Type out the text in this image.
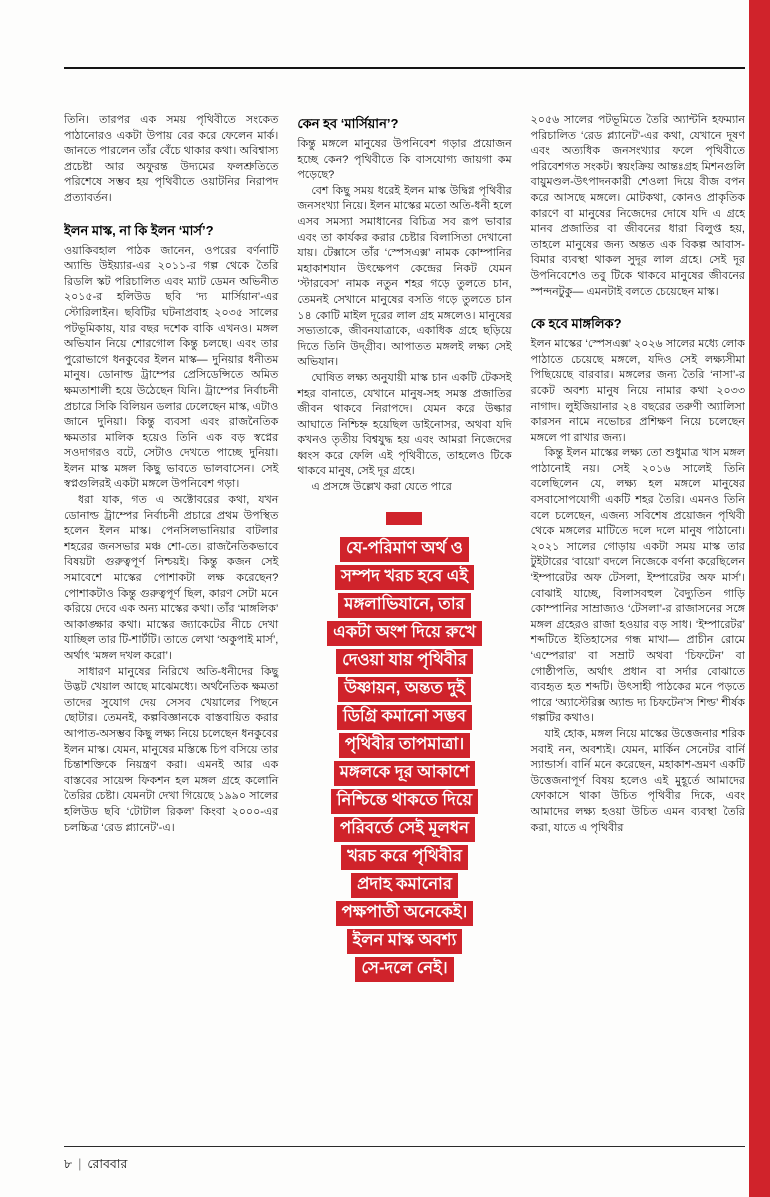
তিনি। তারপর এক সময় পৃথিবীতে সংকেত পাঠানোরও একটা উপায় বের করে ফেলেন মার্ক। জানতে পারলেন তাঁর বেঁচে থাকার কথা। অবিশ্বাস্য প্রচেষ্টা আর অফুরন্ত উদ্যমের ফলশ্রুতিতে পরিশেষে সম্ভব হয় পৃথিবীতে ওয়াটনির নিরাপদ প্রত্যাবর্তন।

ইলন মাস্ক, না কি ইলন ‘মার্স’?

ওয়াকিবহাল পাঠক জানেন, ওপরের বর্ণনাটি অ্যান্ডি উইয়্যার-এর ২০১১-র গল্প থেকে তৈরি রিডলি স্কট পরিচালিত এবং ম্যাট ডেমন অভিনীত ২০১৫-র হলিউড ছবি ‘দ্য মার্সিয়ান’-এর স্টোরিলাইন। ছবিটির ঘটনাপ্রবাহ ২০৩৫ সালের পটভূমিকায়, যার বছর দশেক বাকি এখনও। মঙ্গল অভিযান নিয়ে শোরগোল কিন্তু চলছে। এবং তার পুরোভাগে ধনকুবের ইলন মাস্ক— দুনিয়ার ধনীতম মানুষ। ডোনাল্ড ট্রাম্পের প্রেসিডেন্সিতে অমিত ক্ষমতাশালী হয়ে উঠেছেন যিনি। ট্রাম্পের নির্বাচনী প্রচারে সিকি বিলিয়ন ডলার ঢেলেছেন মাস্ক, এটাও জানে দুনিয়া। কিন্তু ব্যবসা এবং রাজনৈতিক ক্ষমতার মালিক হয়েও তিনি এক বড় স্বপ্নের সওদাগরও বটে, সেটাও দেখতে পাচ্ছে দুনিয়া। ইলন মাস্ক মঙ্গল কিছু ভাবতে ভালবাসেন। সেই স্বপ্নগুলিরই একটা মঙ্গলে উপনিবেশ গড়া।

ধরা যাক, গত এ অক্টোবরের কথা, যখন ডোনাল্ড ট্রাম্পের নির্বাচনী প্রচারে প্রথম উপস্থিত হলেন ইলন মাস্ক। পেনসিলভানিয়ার বাটলার শহরের জনসভার মঞ্চ শো-তে। রাজনৈতিকভাবে বিষয়টা গুরুত্বপূর্ণ নিশ্চয়ই। কিন্তু কজন সেই সমাবেশে মাস্কের পোশাকটা লক্ষ করেছেন? পোশাকটাও কিন্তু গুরুত্বপূর্ণ ছিল, কারণ সেটা মনে করিয়ে দেবে এক অন্য মাস্কের কথা। তাঁর ‘মাঙ্গলিক’ আকাঙ্ক্ষার কথা। মাস্কের জ্যাকেটের নীচে দেখা যাচ্ছিল তার টি-শার্টটি। তাতে লেখা ‘অকুপাই মার্স’, অর্থাৎ ‘মঙ্গল দখল করো’।

সাধারণ মানুষের নিরিখে অতি-ধনীদের কিছু উদ্ভট খেয়াল আছে মাঝেমধ্যে। অর্থনৈতিক ক্ষমতা তাদের সুযোগ দেয় সেসব খেয়ালের পিছনে ছোটার। তেমনই, কল্পবিজ্ঞানকে বাস্তবায়িত করার আপাত-অসম্ভব কিছু লক্ষ্য নিয়ে চলেছেন ধনকুবের ইলন মাস্ক। যেমন, মানুষের মস্তিষ্কে চিপ বসিয়ে তার চিন্তাশক্তিকে নিয়ন্ত্রণ করা। এমনই আর এক বাস্তবের সায়েন্স ফিকশন হল মঙ্গল গ্রহে কলোনি তৈরির চেষ্টা। যেমনটা দেখা গিয়েছে ১৯৯০ সালের হলিউড ছবি ‘টোটাল রিকল’ কিংবা ২০০০-এর চলচ্চিত্র ‘রেড প্ল্যানেট’-এ।

কেন হব ‘মার্সিয়ান’?

কিন্তু মঙ্গলে মানুষের উপনিবেশ গড়ার প্রয়োজন হচ্ছে কেন? পৃথিবীতে কি বাসযোগ্য জায়গা কম পড়েছে?

বেশ কিছু সময় ধরেই ইলন মাস্ক উদ্বিগ্ন পৃথিবীর জনসংখ্যা নিয়ে। ইলন মাস্কের মতো অতি-ধনী হলে এসব সমস্যা সমাধানের বিচিত্র সব রূপ ভাবার এবং তা কার্যকর করার চেষ্টার বিলাসিতা দেখানো যায়। টেক্সাসে তাঁর ‘স্পেসএক্স’ নামক কোম্পানির মহাকাশযান উৎক্ষেপণ কেন্দ্রের নিকট যেমন ‘স্টারবেস’ নামক নতুন শহর গড়ে তুলতে চান, তেমনই সেখানে মানুষের বসতি গড়ে তুলতে চান ১৪ কোটি মাইল দূরের লাল গ্রহ মঙ্গলেও। মানুষের সভ্যতাকে, জীবনযাত্রাকে, একাধিক গ্রহে ছড়িয়ে দিতে তিনি উদ্গ্রীব। আপাতত মঙ্গলই লক্ষ্য সেই অভিযান।

ঘোষিত লক্ষ্য অনুযায়ী মাস্ক চান একটি টেকসই শহর বানাতে, যেখানে মানুষ-সহ সমস্ত প্রজাতির জীবন থাকবে নিরাপদে। যেমন করে উল্কার আঘাতে নিশ্চিহ্ন হয়েছিল ডাইনোসর, অথবা যদি কখনও তৃতীয় বিশ্বযুদ্ধ হয় এবং আমরা নিজেদের ধ্বংস করে ফেলি এই পৃথিবীতে, তাহলেও টিকে থাকবে মানুষ, সেই দূর গ্রহে।

এ প্রসঙ্গে উল্লেখ করা যেতে পারে

যে-পরিমাণ অর্থ ও
সম্পদ খরচ হবে এই
মঙ্গলাভিযানে, তার
একটা অংশ দিয়ে রুখে
দেওয়া যায় পৃথিবীর
উষ্ণায়ন, অন্তত দুই
ডিগ্রি কমানো সম্ভব
পৃথিবীর তাপমাত্রা।
মঙ্গলকে দূর আকাশে
নিশ্চিন্তে থাকতে দিয়ে
পরিবর্তে সেই মূলধন
খরচ করে পৃথিবীর
প্রদাহ কমানোর
পক্ষপাতী অনেকেই।
ইলন মাস্ক অবশ্য
সে-দলে নেই।

২০৫৬ সালের পটভূমিতে তৈরি অ্যান্টনি হফম্যান পরিচালিত ‘রেড প্ল্যানেট’-এর কথা, যেখানে দূষণ এবং অত্যধিক জনসংখ্যার ফলে পৃথিবীতে পরিবেশগত সংকট। স্বয়ংক্রিয় আন্তঃগ্রহ মিশনগুলি বায়ুমণ্ডল-উৎপাদনকারী শেওলা দিয়ে বীজ বপন করে আসছে মঙ্গলে। মোটকথা, কোনও প্রাকৃতিক কারণে বা মানুষের নিজেদের দোষে যদি এ গ্রহে মানব প্রজাতির বা জীবনের ধারা বিলুপ্ত হয়, তাহলে মানুষের জন্য অন্তত এক বিকল্প আবাস-বিমার ব্যবস্থা থাকল সুদূর লাল গ্রহে। সেই দূর উপনিবেশেও তবু টিকে থাকবে মানুষের জীবনের স্পন্দনটুকু— এমনটাই বলতে চেয়েছেন মাস্ক।

কে হবে মাঙ্গলিক?

ইলন মাস্কের ‘স্পেসএক্স’ ২০২৬ সালের মধ্যে লোক পাঠাতে চেয়েছে মঙ্গলে, যদিও সেই লক্ষ্যসীমা পিছিয়েছে বারবার। মঙ্গলের জন্য তৈরি ‘নাসা’-র রকেট অবশ্য মানুষ নিয়ে নামার কথা ২০৩৩ নাগাদ। লুইজিয়ানার ২৪ বছরের তরুণী অ্যালিসা কারসন নামে নভোচর প্রশিক্ষণ নিয়ে চলেছেন মঙ্গলে পা রাখার জন্য।

কিন্তু ইলন মাস্কের লক্ষ্য তো শুধুমাত্র খাস মঙ্গল পাঠানোই নয়। সেই ২০১৬ সালেই তিনি বলেছিলেন যে, লক্ষ্য হল মঙ্গলে মানুষের বসবাসোপযোগী একটি শহর তৈরি। এমনও তিনি বলে চলেছেন, এজন্য সবিশেষ প্রয়োজন পৃথিবী থেকে মঙ্গলের মাটিতে দলে দলে মানুষ পাঠানো। ২০২১ সালের গোড়ায় একটা সময় মাস্ক তার টুইটারের ‘বায়ো’ বদলে নিজেকে বর্ণনা করেছিলেন ‘ইম্পারেটর অফ টেসলা, ইম্পারেটর অফ মার্স’। বোঝাই যাচ্ছে, বিলাসবহুল বৈদ্যুতিন গাড়ি কোম্পানির সাম্রাজ্যও ‘টেসলা’-র রাজাসনের সঙ্গে মঙ্গল গ্রহেরও রাজা হওয়ার বড় সাধ। ‘ইম্পারেটর’ শব্দটিতে ইতিহাসের গন্ধ মাখা— প্রাচীন রোমে ‘এম্পেরার’ বা সম্রাট অথবা ‘চিফটেন’ বা গোষ্ঠীপতি, অর্থাৎ প্রধান বা সর্দার বোঝাতে ব্যবহৃত হত শব্দটি। উৎসাহী পাঠকের মনে পড়তে পারে ‘অ্যাস্টেরিক্স অ্যান্ড দ্য চিফটেন’স শিল্ড’ শীর্ষক গল্পটির কথাও।

যাই হোক, মঙ্গল নিয়ে মাস্কের উত্তেজনার শরিক সবাই নন, অবশ্যই। যেমন, মার্কিন সেনেটর বার্নি স্যান্ডার্স। বার্নি মনে করেছেন, মহাকাশ-ভ্রমণ একটি উত্তেজনাপূর্ণ বিষয় হলেও এই মুহূর্তে আমাদের ফোকাসে থাকা উচিত পৃথিবীর দিকে, এবং আমাদের লক্ষ্য হওয়া উচিত এমন ব্যবস্থা তৈরি করা, যাতে এ পৃথিবীর

৮ | রোববার
